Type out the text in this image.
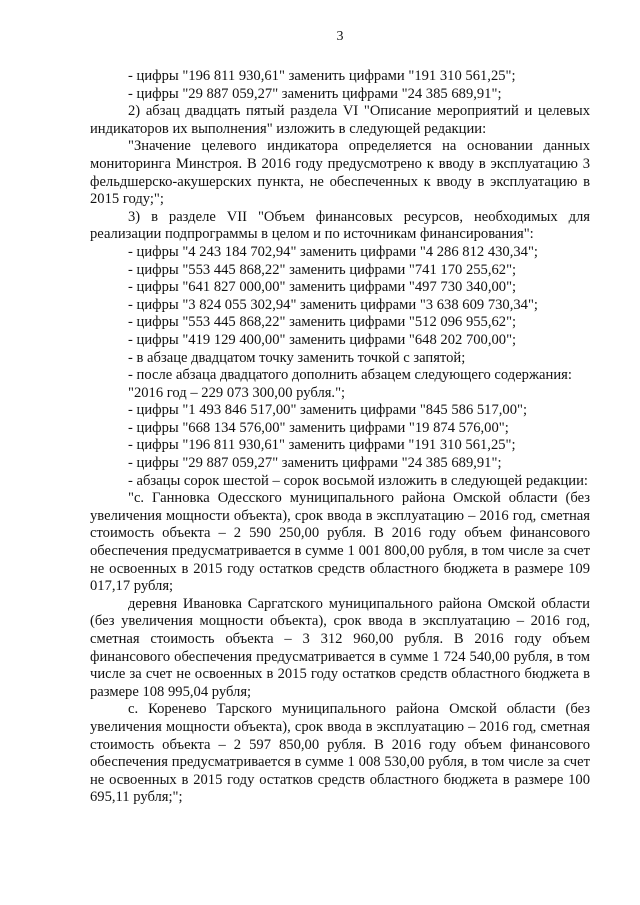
3

- цифры "196 811 930,61" заменить цифрами "191 310 561,25";

- цифры "29 887 059,27" заменить цифрами "24 385 689,91";

2) абзац двадцать пятый раздела VI "Описание мероприятий и целевых индикаторов их выполнения" изложить в следующей редакции:

"Значение целевого индикатора определяется на основании данных мониторинга Минстроя. В 2016 году предусмотрено к вводу в эксплуатацию 3 фельдшерско-акушерских пункта, не обеспеченных к вводу в эксплуатацию в 2015 году;";

3) в разделе VII "Объем финансовых ресурсов, необходимых для реализации подпрограммы в целом и по источникам финансирования":

- цифры "4 243 184 702,94" заменить цифрами "4 286 812 430,34";

- цифры "553 445 868,22" заменить цифрами "741 170 255,62";

- цифры "641 827 000,00" заменить цифрами "497 730 340,00";

- цифры "3 824 055 302,94" заменить цифрами "3 638 609 730,34";

- цифры "553 445 868,22" заменить цифрами "512 096 955,62";

- цифры "419 129 400,00" заменить цифрами "648 202 700,00";

- в абзаце двадцатом точку заменить точкой с запятой;

- после абзаца двадцатого дополнить абзацем следующего содержания:

"2016 год – 229 073 300,00 рубля.";

- цифры "1 493 846 517,00" заменить цифрами "845 586 517,00";

- цифры "668 134 576,00" заменить цифрами "19 874 576,00";

- цифры "196 811 930,61" заменить цифрами "191 310 561,25";

- цифры "29 887 059,27" заменить цифрами "24 385 689,91";

- абзацы сорок шестой – сорок восьмой изложить в следующей редакции:

"с. Ганновка Одесского муниципального района Омской области (без увеличения мощности объекта), срок ввода в эксплуатацию – 2016 год, сметная стоимость объекта – 2 590 250,00 рубля. В 2016 году объем финансового обеспечения предусматривается в сумме 1 001 800,00 рубля, в том числе за счет не освоенных в 2015 году остатков средств областного бюджета в размере 109 017,17 рубля;

деревня Ивановка Саргатского муниципального района Омской области (без увеличения мощности объекта), срок ввода в эксплуатацию – 2016 год, сметная стоимость объекта – 3 312 960,00 рубля. В 2016 году объем финансового обеспечения предусматривается в сумме 1 724 540,00 рубля, в том числе за счет не освоенных в 2015 году остатков средств областного бюджета в размере 108 995,04 рубля;

с. Коренево Тарского муниципального района Омской области (без увеличения мощности объекта), срок ввода в эксплуатацию – 2016 год, сметная стоимость объекта – 2 597 850,00 рубля. В 2016 году объем финансового обеспечения предусматривается в сумме 1 008 530,00 рубля, в том числе за счет не освоенных в 2015 году остатков средств областного бюджета в размере 100 695,11 рубля;";
